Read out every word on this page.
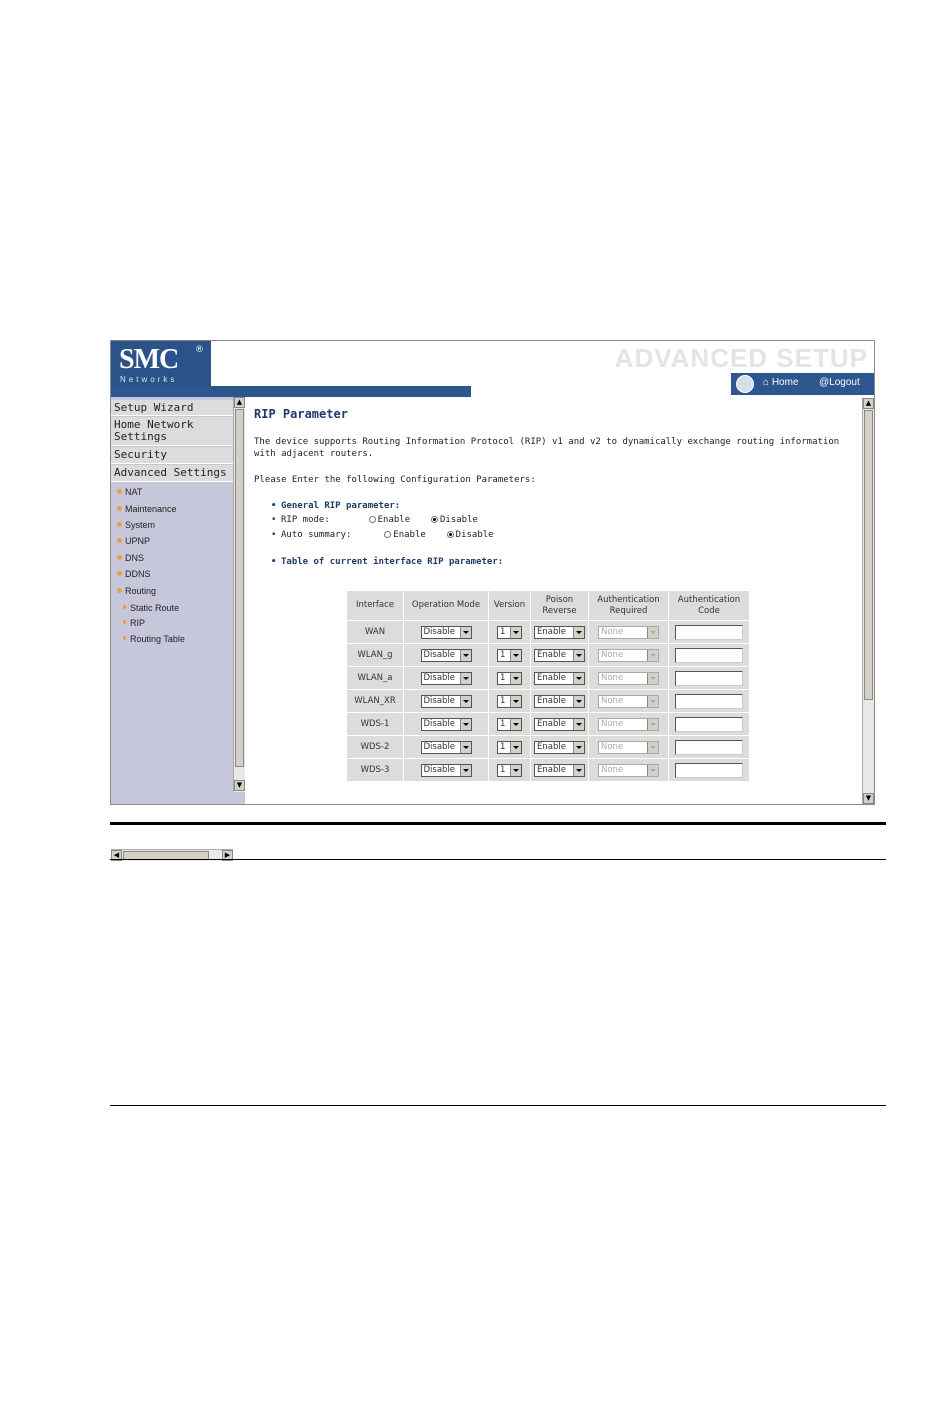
SMC ®
Networks
ADVANCED SETUP
⌂ Home @Logout
Setup Wizard
Home Network Settings
Security
Advanced Settings
NAT
Maintenance
System
UPNP
DNS
DDNS
Routing
Static Route
RIP
Routing Table
▲
▼
◀	▶
RIP Parameter
The device supports Routing Information Protocol (RIP) v1 and v2 to dynamically exchange routing information with adjacent routers.
Please Enter the following Configuration Parameters:
• General RIP parameter:
• RIP mode:	Enable	Disable
• Auto summary:	Enable	Disable
• Table of current interface RIP parameter:
Interface	Operation Mode	Version	Poison Reverse	Authentication Required	Authentication Code
WAN	Disable	1	Enable	None

WLAN_g	Disable	1	Enable	None

WLAN_a	Disable	1	Enable	None

WLAN_XR	Disable	1	Enable	None

WDS-1	Disable	1	Enable	None

WDS-2	Disable	1	Enable	None

WDS-3	Disable	1	Enable	None

▲
▼
